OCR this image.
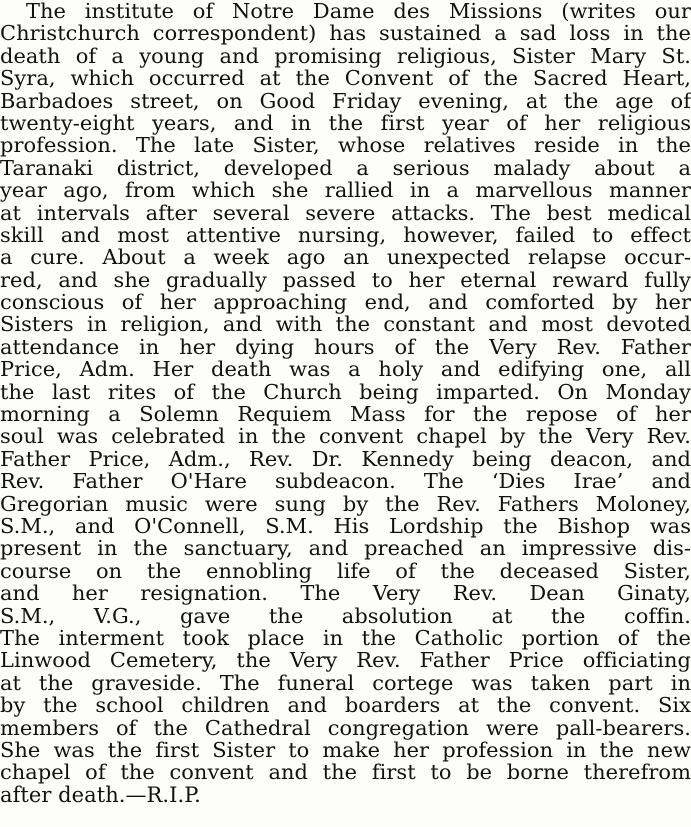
The institute of Notre Dame des Missions (writes our
Christchurch correspondent) has sustained a sad loss in the
death of a young and promising religious, Sister Mary St.
Syra, which occurred at the Convent of the Sacred Heart,
Barbadoes street, on Good Friday evening, at the age of
twenty-eight years, and in the first year of her religious
profession. The late Sister, whose relatives reside in the
Taranaki district, developed a serious malady about a
year ago, from which she rallied in a marvellous manner
at intervals after several severe attacks. The best medical
skill and most attentive nursing, however, failed to effect
a cure. About a week ago an unexpected relapse occur-
red, and she gradually passed to her eternal reward fully
conscious of her approaching end, and comforted by her
Sisters in religion, and with the constant and most devoted
attendance in her dying hours of the Very Rev. Father
Price, Adm. Her death was a holy and edifying one, all
the last rites of the Church being imparted. On Monday
morning a Solemn Requiem Mass for the repose of her
soul was celebrated in the convent chapel by the Very Rev.
Father Price, Adm., Rev. Dr. Kennedy being deacon, and
Rev. Father O'Hare subdeacon. The ‘Dies Irae’ and
Gregorian music were sung by the Rev. Fathers Moloney,
S.M., and O'Connell, S.M. His Lordship the Bishop was
present in the sanctuary, and preached an impressive dis-
course on the ennobling life of the deceased Sister,
and her resignation. The Very Rev. Dean Ginaty,
S.M., V.G., gave the absolution at the coffin.
The interment took place in the Catholic portion of the
Linwood Cemetery, the Very Rev. Father Price officiating
at the graveside. The funeral cortege was taken part in
by the school children and boarders at the convent. Six
members of the Cathedral congregation were pall-bearers.
She was the first Sister to make her profession in the new
chapel of the convent and the first to be borne therefrom
after death.—R.I.P.
